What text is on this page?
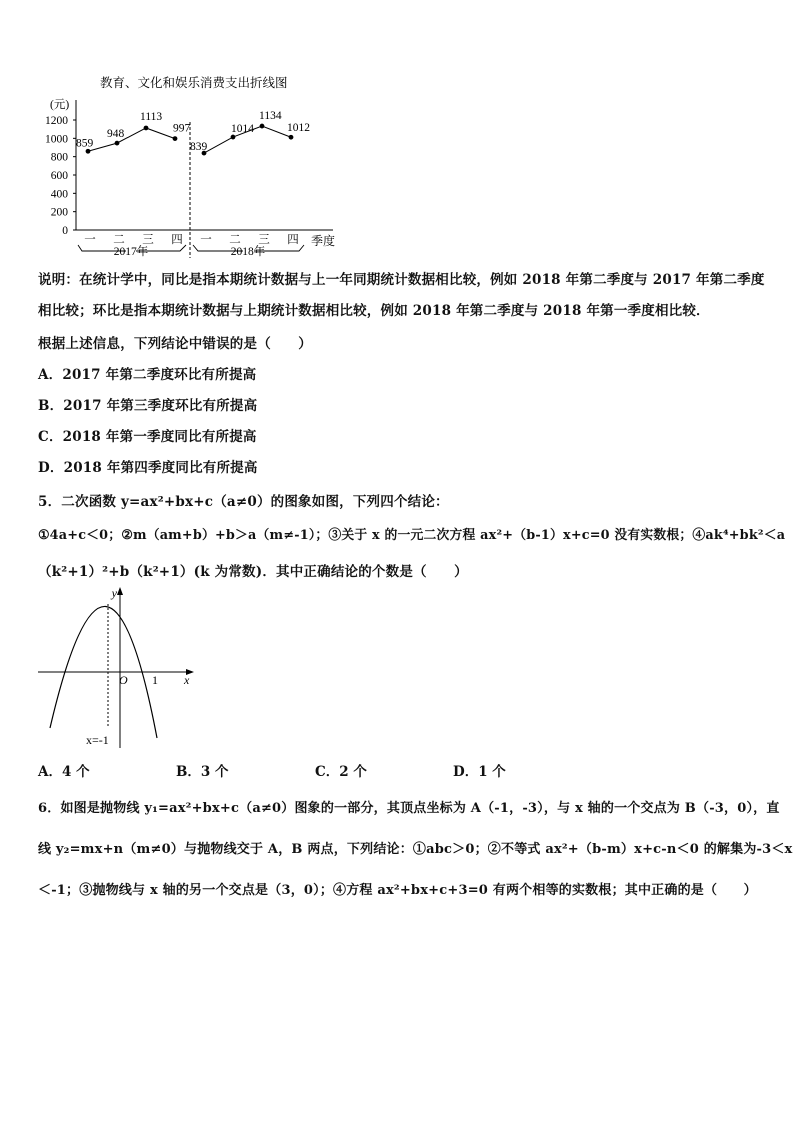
教育、文化和娱乐消费支出折线图
(元)
0
200
400
600
800
1000
1200
859
948
1113
997
839
1014
1134
1012
一 二 三 四 一 二 三 四 季度
2017年	2018年
说明：在统计学中，同比是指本期统计数据与上一年同期统计数据相比较，例如 2018 年第二季度与 2017 年第二季度
相比较；环比是指本期统计数据与上期统计数据相比较，例如 2018 年第二季度与 2018 年第一季度相比较．
根据上述信息，下列结论中错误的是（　　）
A．2017 年第二季度环比有所提高
B．2017 年第三季度环比有所提高
C．2018 年第一季度同比有所提高
D．2018 年第四季度同比有所提高
5．二次函数 y=ax²+bx+c（a≠0）的图象如图，下列四个结论：
①4a+c＜0；②m（am+b）+b＞a（m≠-1）；③关于 x 的一元二次方程 ax²+（b-1）x+c=0 没有实数根；④ak⁴+bk²＜a
（k²+1）²+b（k²+1）(k 为常数)．其中正确结论的个数是（　　）
y
x
O 1
x=-1
A．4 个	B．3 个	C．2 个	D．1 个
6．如图是抛物线 y₁=ax²+bx+c（a≠0）图象的一部分，其顶点坐标为 A（-1，-3），与 x 轴的一个交点为 B（-3，0），直
线 y₂=mx+n（m≠0）与抛物线交于 A，B 两点，下列结论：①abc＞0；②不等式 ax²+（b-m）x+c-n＜0 的解集为-3＜x
＜-1；③抛物线与 x 轴的另一个交点是（3，0）；④方程 ax²+bx+c+3=0 有两个相等的实数根；其中正确的是（　　）
